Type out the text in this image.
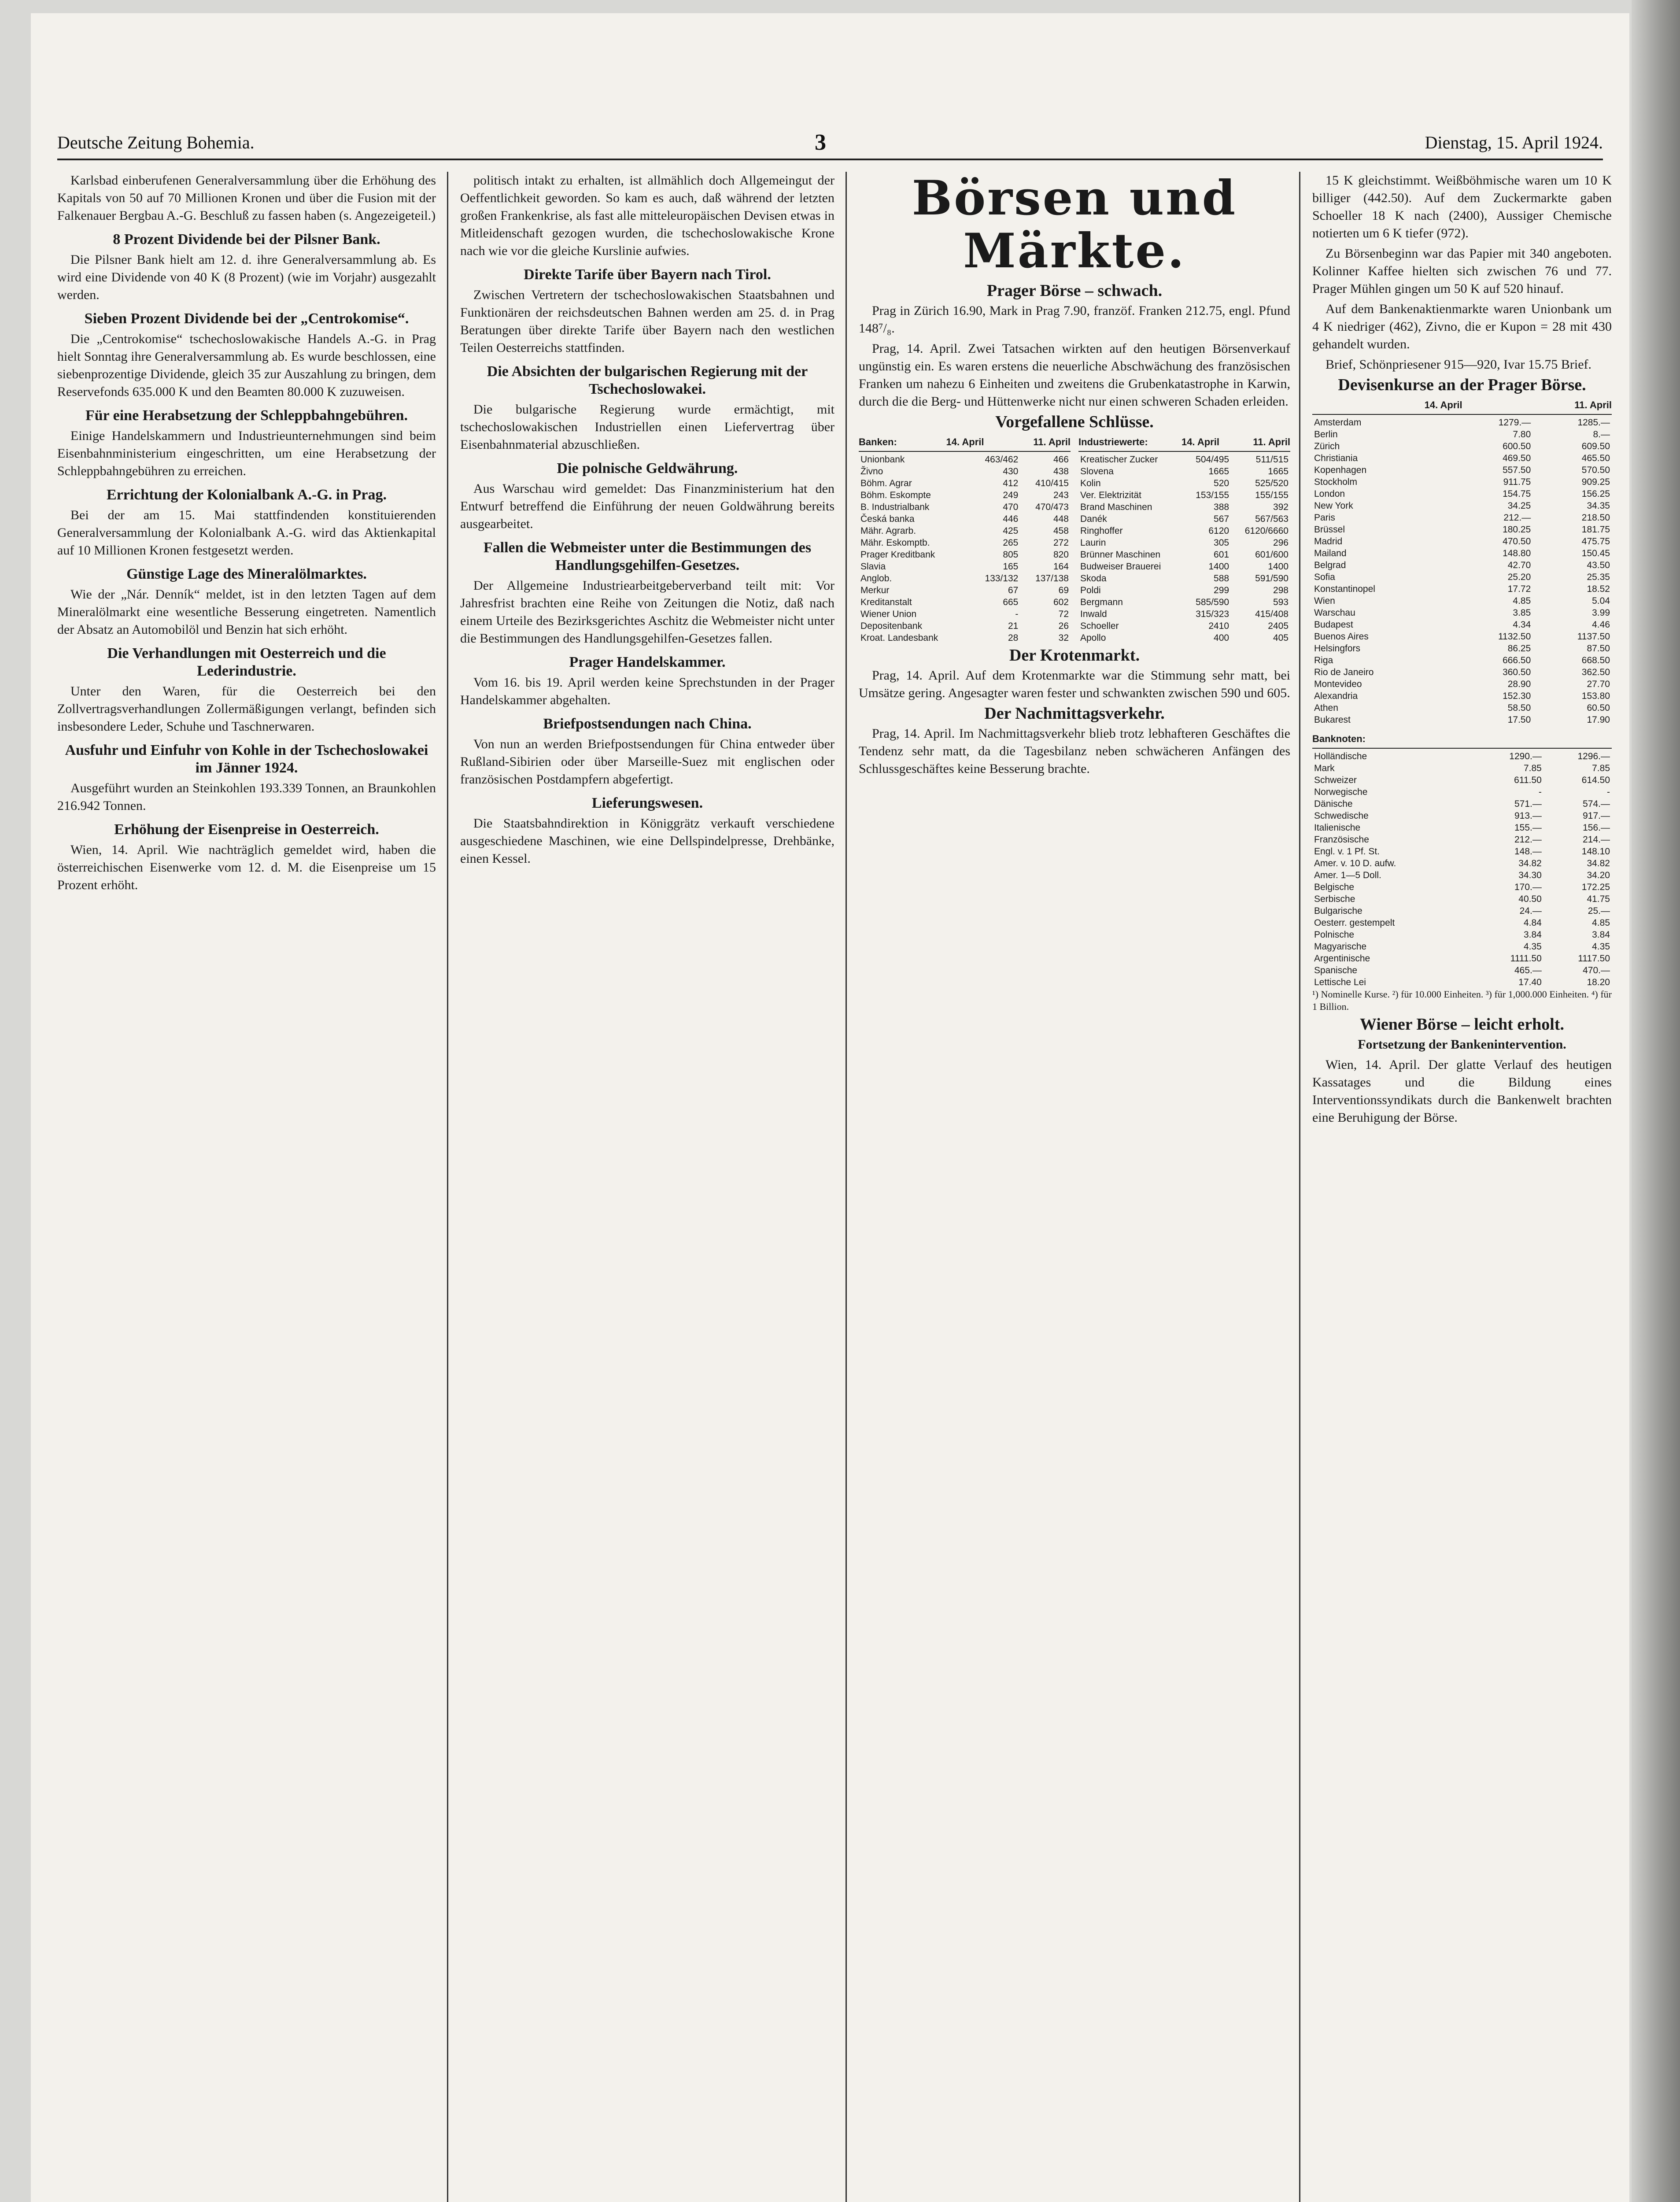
Deutsche Zeitung Bohemia.	3	Dienstag, 15. April 1924.

Karlsbad einberufenen Generalversammlung über die Erhöhung des Kapitals von 50 auf 70 Millionen Kronen und über die Fusion mit der Falkenauer Bergbau A.-G. Beschluß zu fassen haben (s. Angezeigeteil.)

8 Prozent Dividende bei der Pilsner Bank.

Die Pilsner Bank hielt am 12. d. ihre Generalversammlung ab. Es wird eine Dividende von 40 K (8 Prozent) (wie im Vorjahr) ausgezahlt werden.

Sieben Prozent Dividende bei der „Centrokomise“.

Die „Centrokomise“ tschechoslowakische Handels A.-G. in Prag hielt Sonntag ihre Generalversammlung ab. Es wurde beschlossen, eine siebenprozentige Dividende, gleich 35 zur Auszahlung zu bringen, dem Reservefonds 635.000 K und den Beamten 80.000 K zuzuweisen.

Für eine Herabsetzung der Schleppbahngebühren.

Einige Handelskammern und Industrieunternehmungen sind beim Eisenbahnministerium eingeschritten, um eine Herabsetzung der Schleppbahngebühren zu erreichen.

Errichtung der Kolonialbank A.-G. in Prag.

Bei der am 15. Mai stattfindenden konstituierenden Generalversammlung der Kolonialbank A.-G. wird das Aktienkapital auf 10 Millionen Kronen festgesetzt werden.

Günstige Lage des Mineralölmarktes.

Wie der „Nár. Denník“ meldet, ist in den letzten Tagen auf dem Mineralölmarkt eine wesentliche Besserung eingetreten. Namentlich der Absatz an Automobilöl und Benzin hat sich erhöht.

Die Verhandlungen mit Oesterreich und die Lederindustrie.

Unter den Waren, für die Oesterreich bei den Zollvertragsverhandlungen Zollermäßigungen verlangt, befinden sich insbesondere Leder, Schuhe und Taschnerwaren.

Ausfuhr und Einfuhr von Kohle in der Tschechoslowakei im Jänner 1924.

Ausgeführt wurden an Steinkohlen 193.339 Tonnen, an Braunkohlen 216.942 Tonnen.

Erhöhung der Eisenpreise in Oesterreich.

Wien, 14. April. Wie nachträglich gemeldet wird, haben die österreichischen Eisenwerke vom 12. d. M. die Eisenpreise um 15 Prozent erhöht.

politisch intakt zu erhalten, ist allmählich doch Allgemeingut der Oeffentlichkeit geworden. So kam es auch, daß während der letzten großen Frankenkrise, als fast alle mitteleuropäischen Devisen etwas in Mitleidenschaft gezogen wurden, die tschechoslowakische Krone nach wie vor die gleiche Kurslinie aufwies.

Direkte Tarife über Bayern nach Tirol.

Zwischen Vertretern der tschechoslowakischen Staatsbahnen und Funktionären der reichsdeutschen Bahnen werden am 25. d. in Prag Beratungen über direkte Tarife über Bayern nach den westlichen Teilen Oesterreichs stattfinden.

Die Absichten der bulgarischen Regierung mit der Tschechoslowakei.

Die bulgarische Regierung wurde ermächtigt, mit tschechoslowakischen Industriellen einen Liefervertrag über Eisenbahnmaterial abzuschließen.

Die polnische Geldwährung.

Aus Warschau wird gemeldet: Das Finanzministerium hat den Entwurf betreffend die Einführung der neuen Goldwährung bereits ausgearbeitet.

Fallen die Webmeister unter die Bestimmungen des Handlungsgehilfen-Gesetzes.

Der Allgemeine Industriearbeitgeberverband teilt mit: Vor Jahresfrist brachten eine Reihe von Zeitungen die Notiz, daß nach einem Urteile des Bezirksgerichtes Aschitz die Webmeister nicht unter die Bestimmungen des Handlungsgehilfen-Gesetzes fallen.

Prager Handelskammer.

Vom 16. bis 19. April werden keine Sprechstunden in der Prager Handelskammer abgehalten.

Briefpostsendungen nach China.

Von nun an werden Briefpostsendungen für China entweder über Rußland-Sibirien oder über Marseille-Suez mit englischen oder französischen Postdampfern abgefertigt.

Lieferungswesen.

Die Staatsbahndirektion in Königgrätz verkauft verschiedene ausgeschiedene Maschinen, wie eine Dellspindelpresse, Drehbänke, einen Kessel.

Börsen und Märkte.
Prager Börse – schwach.

Prag in Zürich 16.90, Mark in Prag 7.90, franzöf. Franken 212.75, engl. Pfund 148⁷/₈.

Prag, 14. April. Zwei Tatsachen wirkten auf den heutigen Börsenverkauf ungünstig ein. Es waren erstens die neuerliche Abschwächung des französischen Franken um nahezu 6 Einheiten und zweitens die Grubenkatastrophe in Karwin, durch die die Berg- und Hüttenwerke nicht nur einen schweren Schaden erleiden.

Vorgefallene Schlüsse.
Banken:	14. April	11. April
Unionbank	463/462	466
Živno	430	438
Böhm. Agrar	412	410/415
Böhm. Eskompte	249	243
B. Industrialbank	470	470/473
Česká banka	446	448
Mähr. Agrarb.	425	458
Mähr. Eskomptb.	265	272
Prager Kreditbank	805	820
Slavia	165	164
Anglob.	133/132	137/138
Merkur	67	69
Kreditanstalt	665	602
Wiener Union	-	72
Depositenbank	21	26
Kroat. Landesbank	28	32
Industriewerte:	14. April	11. April
Kreatischer Zucker	504/495	511/515
Slovena	1665	1665
Kolin	520	525/520
Ver. Elektrizität	153/155	155/155
Brand Maschinen	388	392
Danék	567	567/563
Ringhoffer	6120	6120/6660
Laurin	305	296
Brünner Maschinen	601	601/600
Budweiser Brauerei	1400	1400
Skoda	588	591/590
Poldi	299	298
Bergmann	585/590	593
Inwald	315/323	415/408
Schoeller	2410	2405
Apollo	400	405
Der Krotenmarkt.

Prag, 14. April. Auf dem Krotenmarkte war die Stimmung sehr matt, bei Umsätze gering. Angesagter waren fester und schwankten zwischen 590 und 605.

Der Nachmittagsverkehr.

Prag, 14. April. Im Nachmittagsverkehr blieb trotz lebhafteren Geschäftes die Tendenz sehr matt, da die Tagesbilanz neben schwächeren Anfängen des Schlussgeschäftes keine Besserung brachte.

15 K gleichstimmt. Weißböhmische waren um 10 K billiger (442.50). Auf dem Zuckermarkte gaben Schoeller 18 K nach (2400), Aussiger Chemische notierten um 6 K tiefer (972).

Zu Börsenbeginn war das Papier mit 340 angeboten. Kolinner Kaffee hielten sich zwischen 76 und 77. Prager Mühlen gingen um 50 K auf 520 hinauf.

Auf dem Bankenaktienmarkte waren Unionbank um 4 K niedriger (462), Zivno, die er Kupon = 28 mit 430 gehandelt wurden.

Brief, Schönpriesener 915—920, Ivar 15.75 Brief.

Devisenkurse an der Prager Börse.
14. April	11. April
Amsterdam	1279.—	1285.—
Berlin	7.80	8.—
Zürich	600.50	609.50
Christiania	469.50	465.50
Kopenhagen	557.50	570.50
Stockholm	911.75	909.25
London	154.75	156.25
New York	34.25	34.35
Paris	212.—	218.50
Brüssel	180.25	181.75
Madrid	470.50	475.75
Mailand	148.80	150.45
Belgrad	42.70	43.50
Sofia	25.20	25.35
Konstantinopel	17.72	18.52
Wien	4.85	5.04
Warschau	3.85	3.99
Budapest	4.34	4.46
Buenos Aires	1132.50	1137.50
Helsingfors	86.25	87.50
Riga	666.50	668.50
Rio de Janeiro	360.50	362.50
Montevideo	28.90	27.70
Alexandria	152.30	153.80
Athen	58.50	60.50
Bukarest	17.50	17.90
Banknoten:
Holländische	1290.—	1296.—
Mark	7.85	7.85
Schweizer	611.50	614.50
Norwegische	-	-
Dänische	571.—	574.—
Schwedische	913.—	917.—
Italienische	155.—	156.—
Französische	212.—	214.—
Engl. v. 1 Pf. St.	148.—	148.10
Amer. v. 10 D. aufw.	34.82	34.82
Amer. 1—5 Doll.	34.30	34.20
Belgische	170.—	172.25
Serbische	40.50	41.75
Bulgarische	24.—	25.—
Oesterr. gestempelt	4.84	4.85
Polnische	3.84	3.84
Magyarische	4.35	4.35
Argentinische	1111.50	1117.50
Spanische	465.—	470.—
Lettische Lei	17.40	18.20

¹) Nominelle Kurse. ²) für 10.000 Einheiten. ³) für 1,000.000 Einheiten. ⁴) für 1 Billion.

Wiener Börse – leicht erholt.
Fortsetzung der Bankenintervention.

Wien, 14. April. Der glatte Verlauf des heutigen Kassatages und die Bildung eines Interventionssyndikats durch die Bankenwelt brachten eine Beruhigung der Börse.
